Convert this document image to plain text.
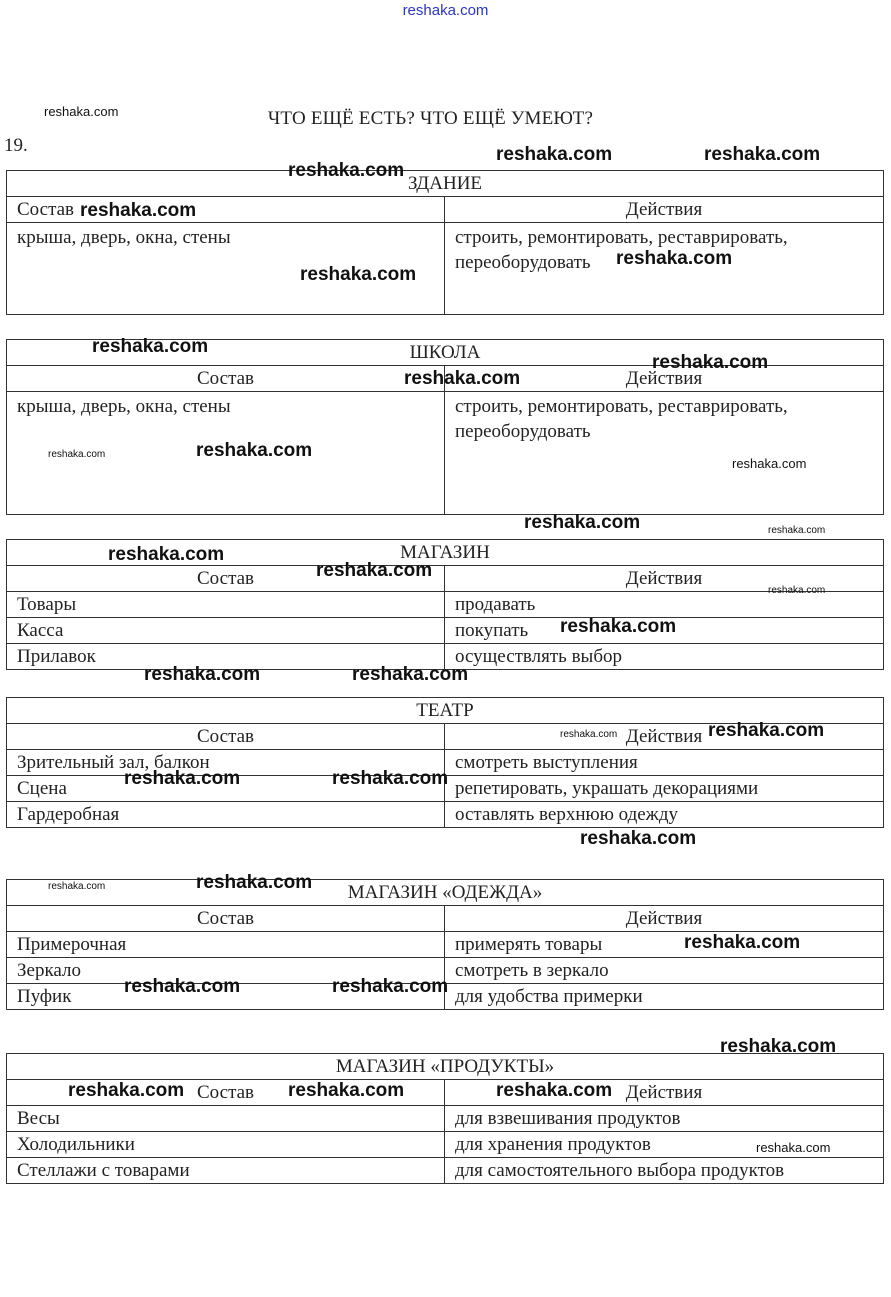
reshaka.com
ЧТО ЕЩЁ ЕСТЬ? ЧТО ЕЩЁ УМЕЮТ?
19.
ЗДАНИЕ	
Состав	Действия
крыша, дверь, окна, стены	строить, ремонтировать, реставрировать, переоборудовать
ШКОЛА	
Состав	Действия
крыша, дверь, окна, стены	строить, ремонтировать, реставрировать, переоборудовать
МАГАЗИН	
Состав	Действия
Товары	продавать
Касса	покупать
Прилавок	осуществлять выбор
ТЕАТР	
Состав	Действия
Зрительный зал, балкон	смотреть выступления
Сцена	репетировать, украшать декорациями
Гардеробная	оставлять верхнюю одежду
МАГАЗИН «ОДЕЖДА»	
Состав	Действия
Примерочная	примерять товары
Зеркало	смотреть в зеркало
Пуфик	для удобства примерки
МАГАЗИН «ПРОДУКТЫ»	
Состав	Действия
Весы	для взвешивания продуктов
Холодильники	для хранения продуктов
Стеллажи с товарами	для самостоятельного выбора продуктов
reshaka.com
reshaka.com	reshaka.com
reshaka.com
reshaka.com
reshaka.com
reshaka.com
reshaka.com
reshaka.com
reshaka.com
reshaka.com
reshaka.com
reshaka.com
reshaka.com	reshaka.com
reshaka.com
reshaka.com
reshaka.com
reshaka.com
reshaka.com	reshaka.com
reshaka.com
reshaka.com
reshaka.com	reshaka.com
reshaka.com
reshaka.com
reshaka.com
reshaka.com
reshaka.com	reshaka.com
reshaka.com
reshaka.com	reshaka.com	reshaka.com
reshaka.com
